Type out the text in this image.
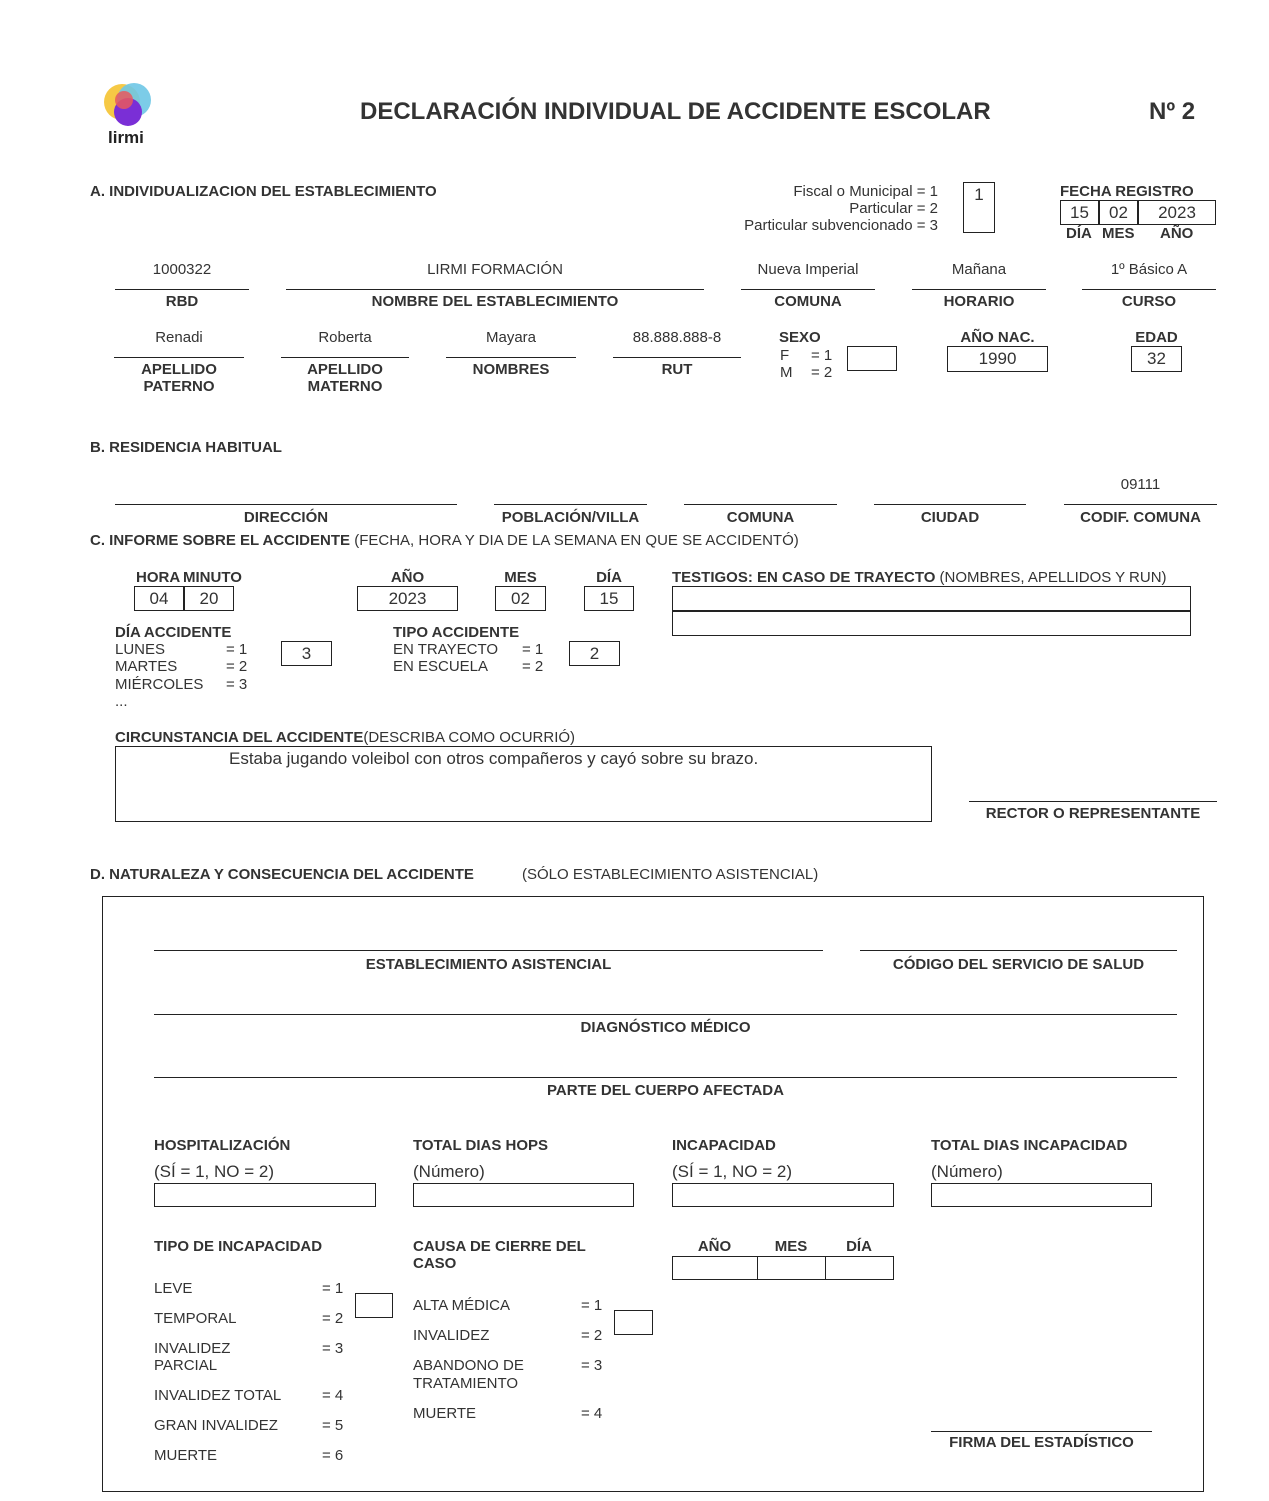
lirmi
DECLARACIÓN INDIVIDUAL DE ACCIDENTE ESCOLAR	Nº 2
A. INDIVIDUALIZACION DEL ESTABLECIMIENTO	Fiscal o Municipal = 1
Particular = 2
Particular subvencionado = 3
1	FECHA REGISTRO
15	02	2023
DÍA MES AÑO
1000322
RBD
LIRMI FORMACIÓN
NOMBRE DEL ESTABLECIMIENTO
Nueva Imperial
COMUNA
Mañana
HORARIO
1º Básico A
CURSO
Renadi
APELLIDO
PATERNO
Roberta
APELLIDO
MATERNO
Mayara
NOMBRES
88.888.888-8
RUT
SEXO
F = 1
M = 2
AÑO NAC.
1990
EDAD
32
B. RESIDENCIA HABITUAL
DIRECCIÓN	POBLACIÓN/VILLA	COMUNA	CIUDAD
09111
CODIF. COMUNA
C. INFORME SOBRE EL ACCIDENTE (FECHA, HORA Y DIA DE LA SEMANA EN QUE SE ACCIDENTÓ)
HORA MINUTO
04	20
AÑO
2023
MES
02
DÍA
15
TESTIGOS: EN CASO DE TRAYECTO (NOMBRES, APELLIDOS Y RUN)
DÍA ACCIDENTE
LUNES	= 1
MARTES	= 2
MIÉRCOLES = 3
...
3
TIPO ACCIDENTE
EN TRAYECTO = 1
EN ESCUELA = 2
2
CIRCUNSTANCIA DEL ACCIDENTE(DESCRIBA COMO OCURRIÓ)
Estaba jugando voleibol con otros compañeros y cayó sobre su brazo.
RECTOR O REPRESENTANTE
D. NATURALEZA Y CONSECUENCIA DEL ACCIDENTE	(SÓLO ESTABLECIMIENTO ASISTENCIAL)
ESTABLECIMIENTO ASISTENCIAL	CÓDIGO DEL SERVICIO DE SALUD
DIAGNÓSTICO MÉDICO
PARTE DEL CUERPO AFECTADA
HOSPITALIZACIÓN
(SÍ = 1, NO = 2)
TOTAL DIAS HOPS
(Número)
INCAPACIDAD
(SÍ = 1, NO = 2)
TOTAL DIAS INCAPACIDAD
(Número)
TIPO DE INCAPACIDAD
LEVE	= 1
TEMPORAL	= 2
INVALIDEZ PARCIAL
= 3
INVALIDEZ TOTAL	= 4
GRAN INVALIDEZ	= 5
MUERTE	= 6
CAUSA DE CIERRE DEL
CASO
ALTA MÉDICA	= 1
INVALIDEZ	= 2
ABANDONO DE TRATAMIENTO
= 3
MUERTE	= 4
AÑO	MES	DÍA
FIRMA DEL ESTADÍSTICO
